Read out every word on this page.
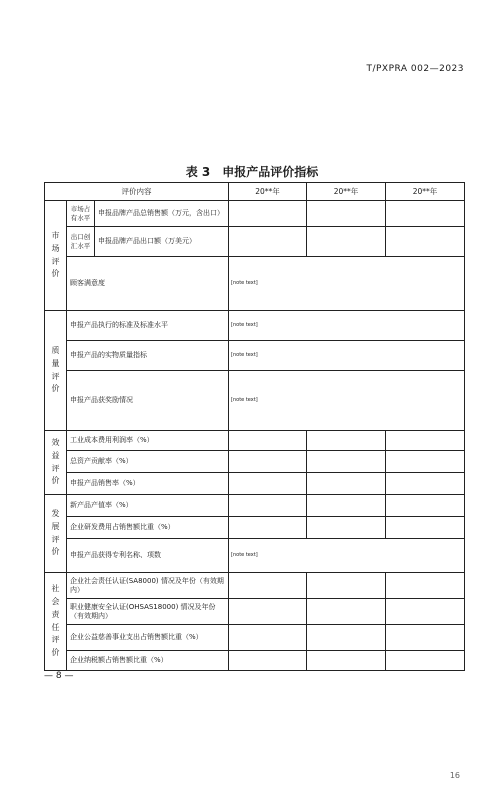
T/PXPRA 002—2023
表 3　申报产品评价指标
评价内容			20**年	20**年	20**年

市场评价	市场占有水平	申报品牌产品总销售额（万元，含出口）			
	出口创汇水平	申报品牌产品出口额（万美元）			
	顾客满意度		[note text]		

质量评价	申报产品执行的标准及标准水平		[note text]		
	申报产品的实物质量指标		[note text]		
	申报产品获奖励情况		[note text]		

效益评价	工业成本费用利润率（%）				
	总资产贡献率（%）				
	申报产品销售率（%）				

发展评价	新产品产值率（%）				
	企业研发费用占销售额比重（%）				
	申报产品获得专利名称、项数		[note text]		

社会责任评价	企业社会责任认证(SA8000) 情况及年份（有效期内）				
	职业健康安全认证(OHSAS18000) 情况及年份（有效期内）				
	企业公益慈善事业支出占销售额比重（%）				
	企业纳税额占销售额比重（%）				
— 8 —
16
